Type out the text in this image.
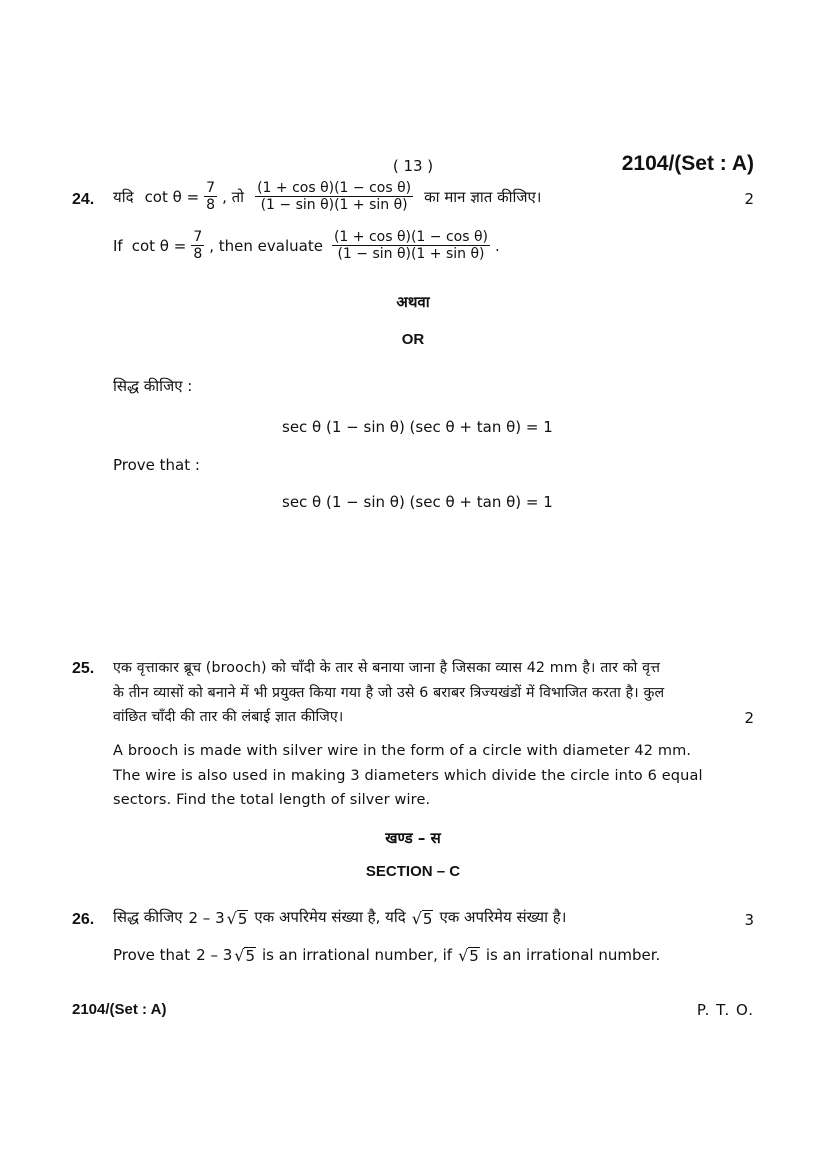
( 13 )	2104/(Set : A)
24. यदि $\cot \theta = \frac{7}{8}$ , तो $\frac{\text{(1 + cos θ)(1 − cos θ)}}{\text{(1 − sin θ)(1 + sin θ)}}$ का मान ज्ञात कीजिए।	2
If $\cot \theta = \frac{7}{8}$ , then evaluate $\frac{\text{(1 + cos θ)(1 − cos θ)}}{\text{(1 − sin θ)(1 + sin θ)}}$ .
अथवा
OR
सिद्ध कीजिए :
sec θ (1 − sin θ) (sec θ + tan θ) = 1
Prove that :
sec θ (1 − sin θ) (sec θ + tan θ) = 1
25. एक वृत्ताकार ब्रूच (brooch) को चाँदी के तार से बनाया जाना है जिसका व्यास 42 mm है। तार को वृत्त
के तीन व्यासों को बनाने में भी प्रयुक्त किया गया है जो उसे 6 बराबर त्रिज्यखंडों में विभाजित करता है। कुल
वांछित चाँदी की तार की लंबाई ज्ञात कीजिए।	2
A brooch is made with silver wire in the form of a circle with diameter 42 mm.
The wire is also used in making 3 diameters which divide the circle into 6 equal
sectors. Find the total length of silver wire.
खण्ड – स
SECTION – C
26. सिद्ध कीजिए 2 – 3 √ 5 एक अपरिमेय संख्या है, यदि √ 5 एक अपरिमेय संख्या है।	3
Prove that 2 – 3 √ 5 is an irrational number, if √ 5 is an irrational number.
2104/(Set : A)	P. T. O.
